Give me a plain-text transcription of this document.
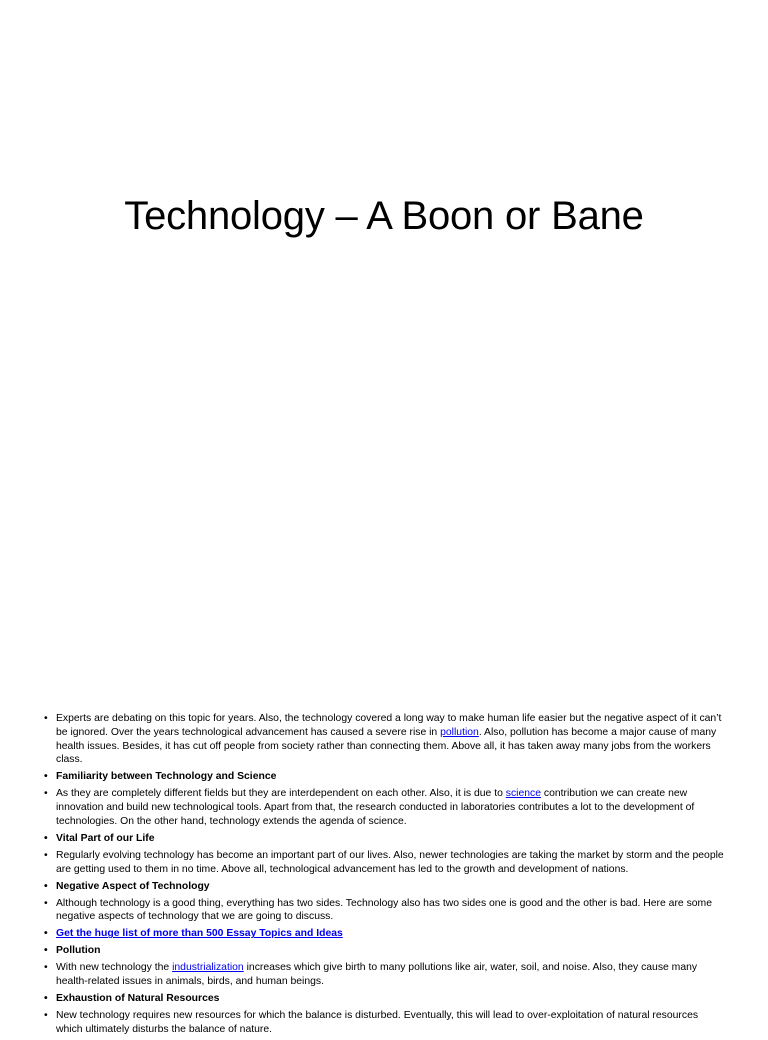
Technology – A Boon or Bane
• Experts are debating on this topic for years. Also, the technology covered a long way to make human life easier but the negative aspect of it can’t be ignored. Over the years technological advancement has caused a severe rise in pollution. Also, pollution has become a major cause of many health issues. Besides, it has cut off people from society rather than connecting them. Above all, it has taken away many jobs from the workers class.
• Familiarity between Technology and Science
• As they are completely different fields but they are interdependent on each other. Also, it is due to science contribution we can create new innovation and build new technological tools. Apart from that, the research conducted in laboratories contributes a lot to the development of technologies. On the other hand, technology extends the agenda of science.
• Vital Part of our Life
• Regularly evolving technology has become an important part of our lives. Also, newer technologies are taking the market by storm and the people are getting used to them in no time. Above all, technological advancement has led to the growth and development of nations.
• Negative Aspect of Technology
• Although technology is a good thing, everything has two sides. Technology also has two sides one is good and the other is bad. Here are some negative aspects of technology that we are going to discuss.
• Get the huge list of more than 500 Essay Topics and Ideas
• Pollution
• With new technology the industrialization increases which give birth to many pollutions like air, water, soil, and noise. Also, they cause many health-related issues in animals, birds, and human beings.
• Exhaustion of Natural Resources
• New technology requires new resources for which the balance is disturbed. Eventually, this will lead to over-exploitation of natural resources which ultimately disturbs the balance of nature.
